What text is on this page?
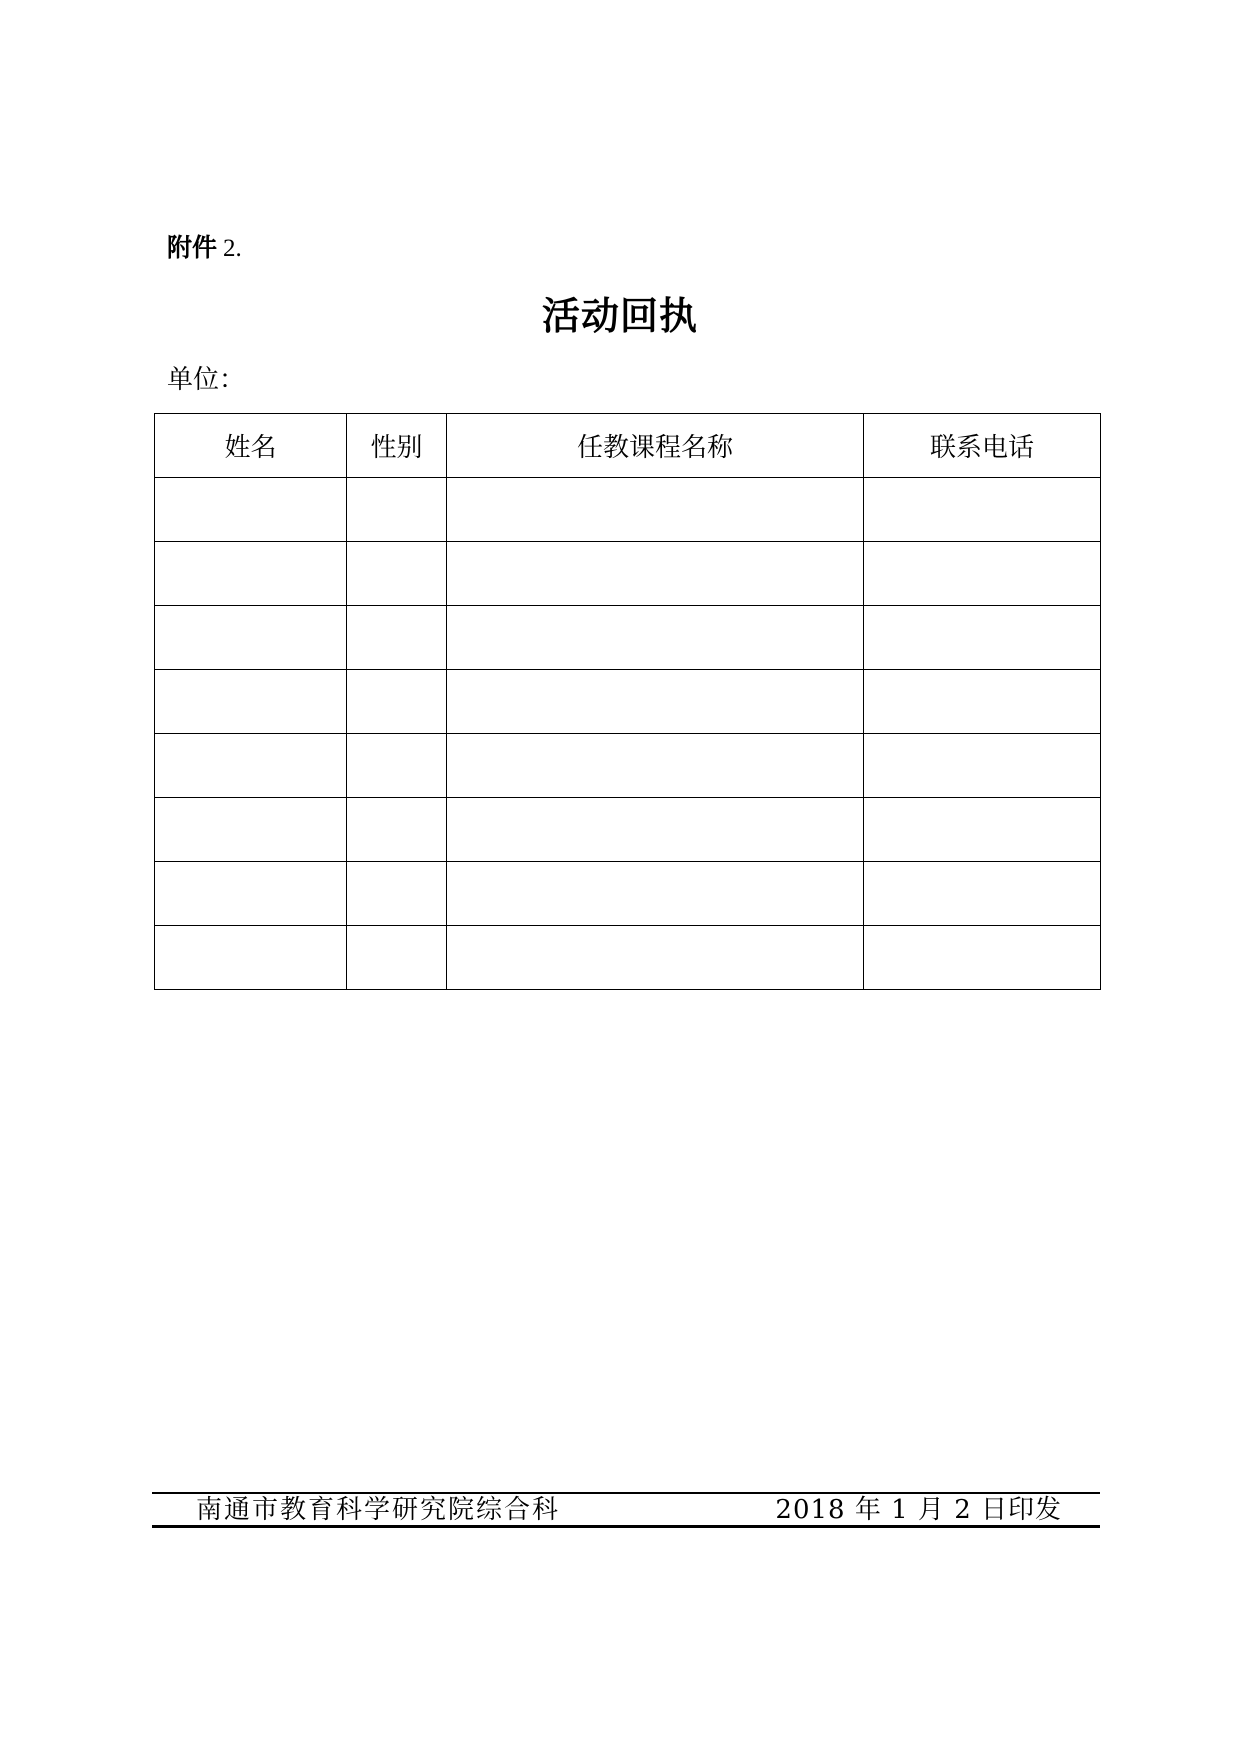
附件 2.
活动回执
单位：
姓名	性别	任教课程名称	联系电话

南通市教育科学研究院综合科	2018 年 1 月 2 日印发
